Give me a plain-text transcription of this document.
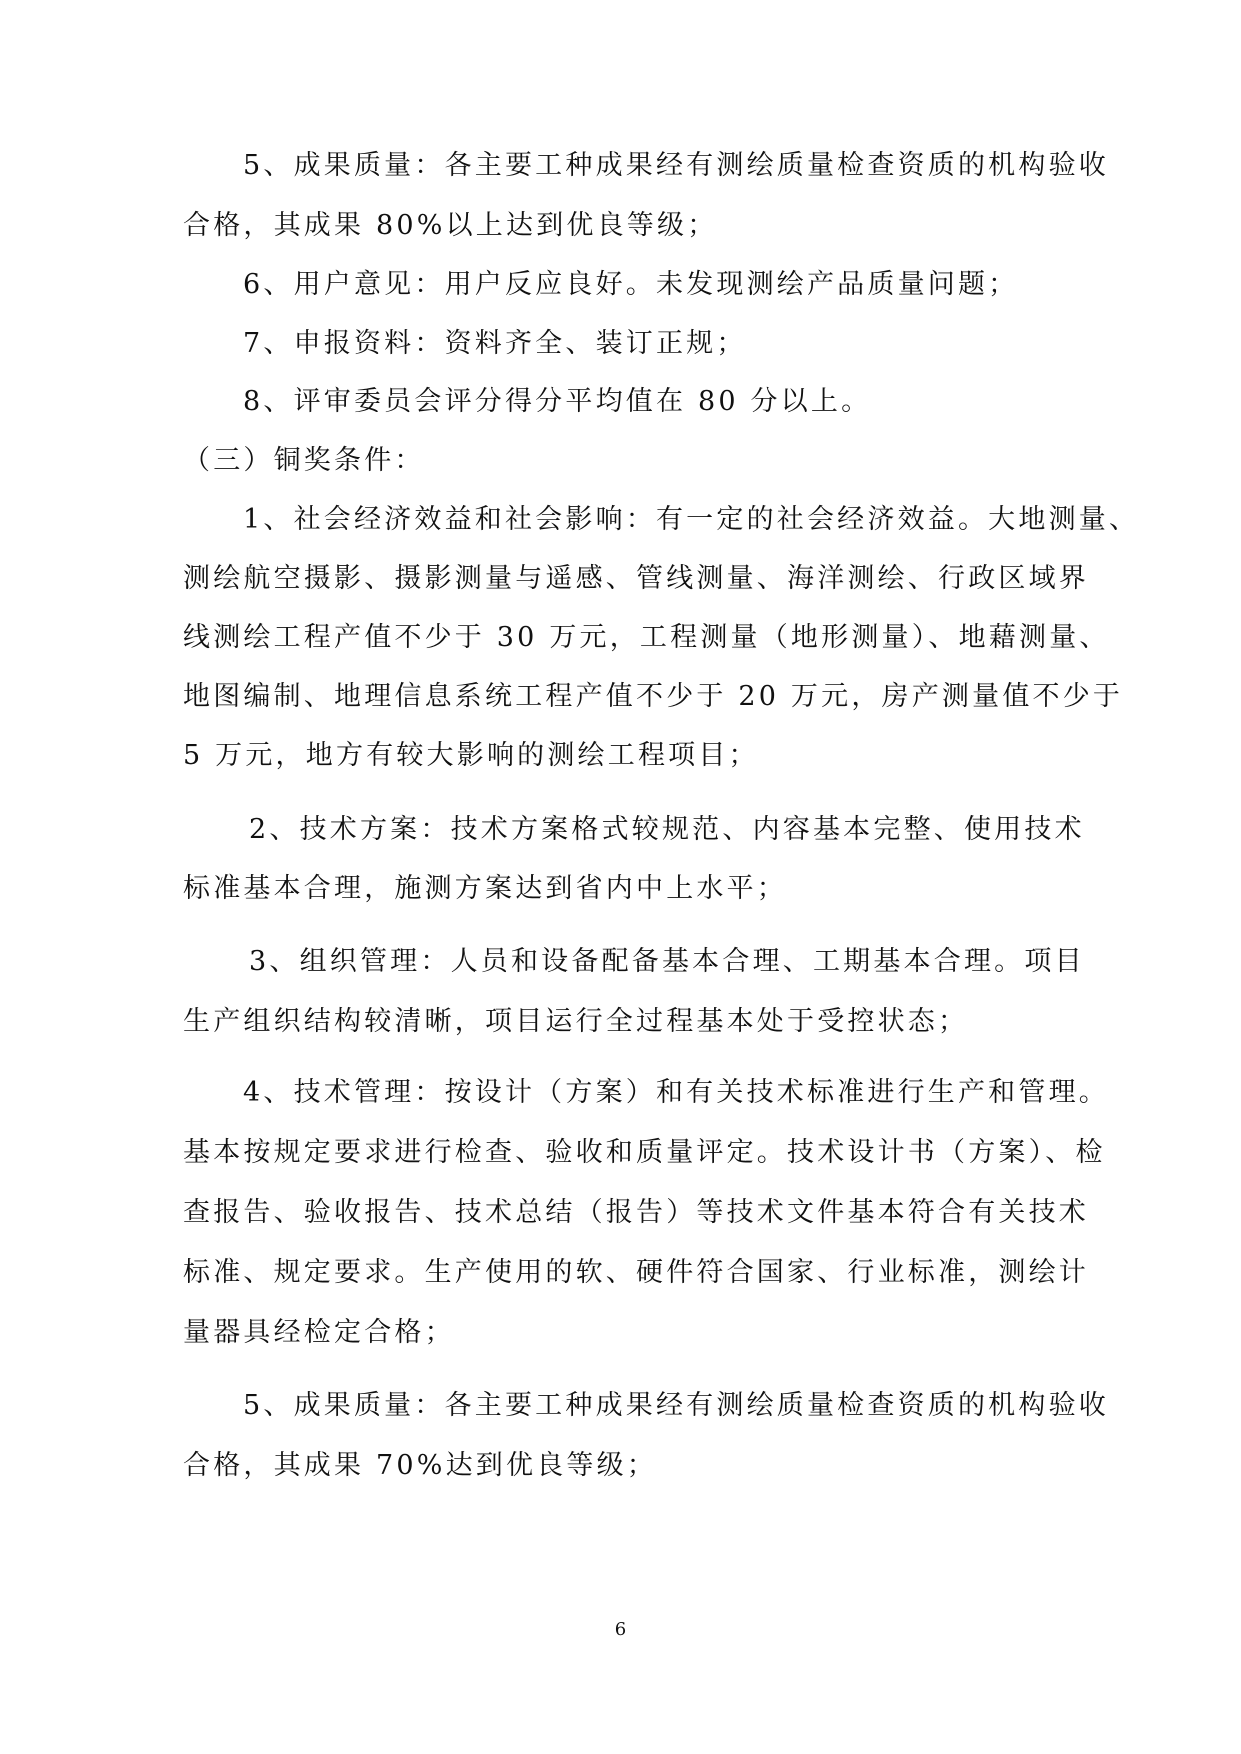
5、成果质量：各主要工种成果经有测绘质量检查资质的机构验收
合格，其成果 80%以上达到优良等级；
6、用户意见：用户反应良好。未发现测绘产品质量问题；
7、申报资料：资料齐全、装订正规；
8、评审委员会评分得分平均值在 80 分以上。
（三）铜奖条件：
1、社会经济效益和社会影响：有一定的社会经济效益。大地测量、
测绘航空摄影、摄影测量与遥感、管线测量、海洋测绘、行政区域界
线测绘工程产值不少于 30 万元，工程测量（地形测量）、地藉测量、
地图编制、地理信息系统工程产值不少于 20 万元，房产测量值不少于
5 万元，地方有较大影响的测绘工程项目；
2、技术方案：技术方案格式较规范、内容基本完整、使用技术
标准基本合理，施测方案达到省内中上水平；
3、组织管理：人员和设备配备基本合理、工期基本合理。项目
生产组织结构较清晰，项目运行全过程基本处于受控状态；
4、技术管理：按设计（方案）和有关技术标准进行生产和管理。
基本按规定要求进行检查、验收和质量评定。技术设计书（方案）、检
查报告、验收报告、技术总结（报告）等技术文件基本符合有关技术
标准、规定要求。生产使用的软、硬件符合国家、行业标准，测绘计
量器具经检定合格；
5、成果质量：各主要工种成果经有测绘质量检查资质的机构验收
合格，其成果 70%达到优良等级；
6
